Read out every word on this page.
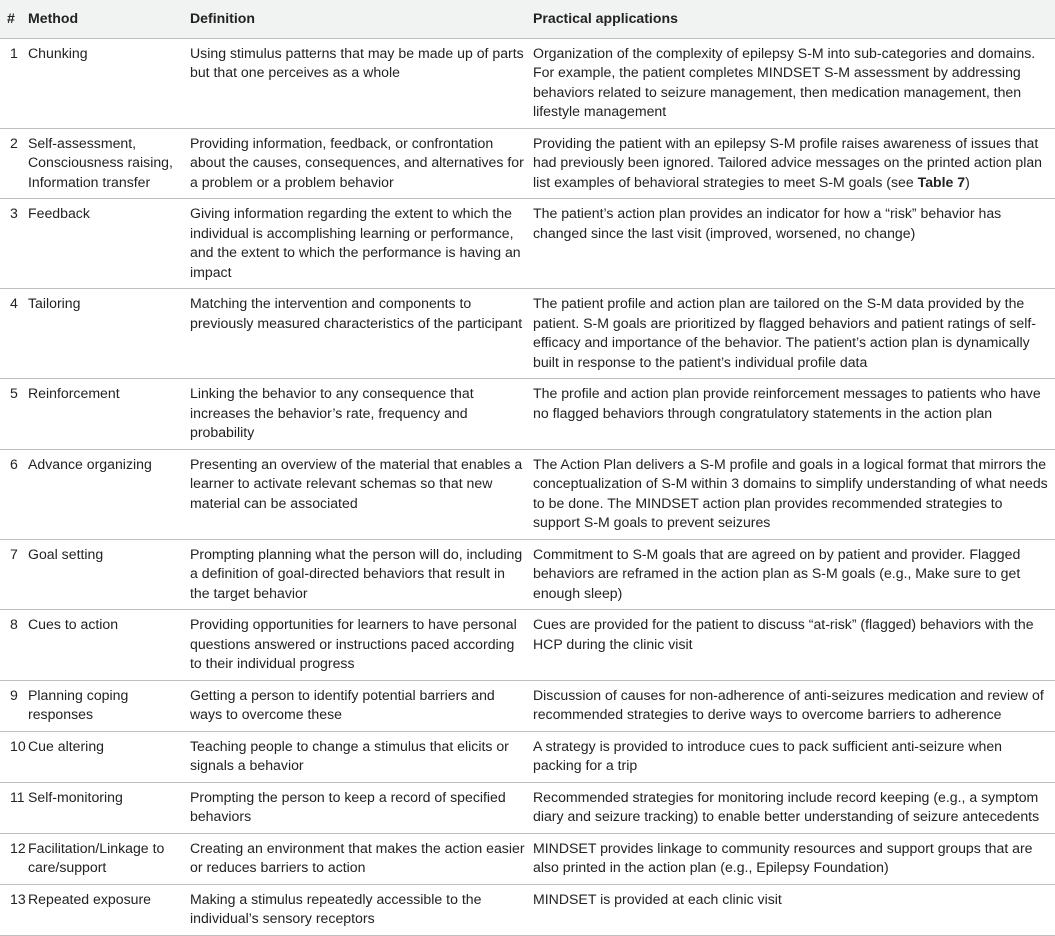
#	Method	Definition	Practical applications
1	Chunking	Using stimulus patterns that may be made up of parts but that one perceives as a whole	Organization of the complexity of epilepsy S-M into sub-categories and domains. For example, the patient completes MINDSET S-M assessment by addressing behaviors related to seizure management, then medication management, then lifestyle management
2	Self-assessment, Consciousness raising, Information transfer	Providing information, feedback, or confrontation about the causes, consequences, and alternatives for a problem or a problem behavior	Providing the patient with an epilepsy S-M profile raises awareness of issues that had previously been ignored. Tailored advice messages on the printed action plan list examples of behavioral strategies to meet S-M goals (see Table 7)
3	Feedback	Giving information regarding the extent to which the individual is accomplishing learning or performance, and the extent to which the performance is having an impact	The patient’s action plan provides an indicator for how a “risk” behavior has changed since the last visit (improved, worsened, no change)
4	Tailoring	Matching the intervention and components to previously measured characteristics of the participant	The patient profile and action plan are tailored on the S-M data provided by the patient. S-M goals are prioritized by flagged behaviors and patient ratings of self-efficacy and importance of the behavior. The patient’s action plan is dynamically built in response to the patient’s individual profile data
5	Reinforcement	Linking the behavior to any consequence that increases the behavior’s rate, frequency and probability	The profile and action plan provide reinforcement messages to patients who have no flagged behaviors through congratulatory statements in the action plan
6	Advance organizing	Presenting an overview of the material that enables a learner to activate relevant schemas so that new material can be associated	The Action Plan delivers a S-M profile and goals in a logical format that mirrors the conceptualization of S-M within 3 domains to simplify understanding of what needs to be done. The MINDSET action plan provides recommended strategies to support S-M goals to prevent seizures
7	Goal setting	Prompting planning what the person will do, including a definition of goal-directed behaviors that result in the target behavior	Commitment to S-M goals that are agreed on by patient and provider. Flagged behaviors are reframed in the action plan as S-M goals (e.g., Make sure to get enough sleep)
8	Cues to action	Providing opportunities for learners to have personal questions answered or instructions paced according to their individual progress	Cues are provided for the patient to discuss “at-risk” (flagged) behaviors with the HCP during the clinic visit
9	Planning coping responses	Getting a person to identify potential barriers and ways to overcome these	Discussion of causes for non-adherence of anti-seizures medication and review of recommended strategies to derive ways to overcome barriers to adherence
10	Cue altering	Teaching people to change a stimulus that elicits or signals a behavior	A strategy is provided to introduce cues to pack sufficient anti-seizure when packing for a trip
11	Self-monitoring	Prompting the person to keep a record of specified behaviors	Recommended strategies for monitoring include record keeping (e.g., a symptom diary and seizure tracking) to enable better understanding of seizure antecedents
12	Facilitation/Linkage to care/support	Creating an environment that makes the action easier or reduces barriers to action	MINDSET provides linkage to community resources and support groups that are also printed in the action plan (e.g., Epilepsy Foundation)
13	Repeated exposure	Making a stimulus repeatedly accessible to the individual’s sensory receptors	MINDSET is provided at each clinic visit
